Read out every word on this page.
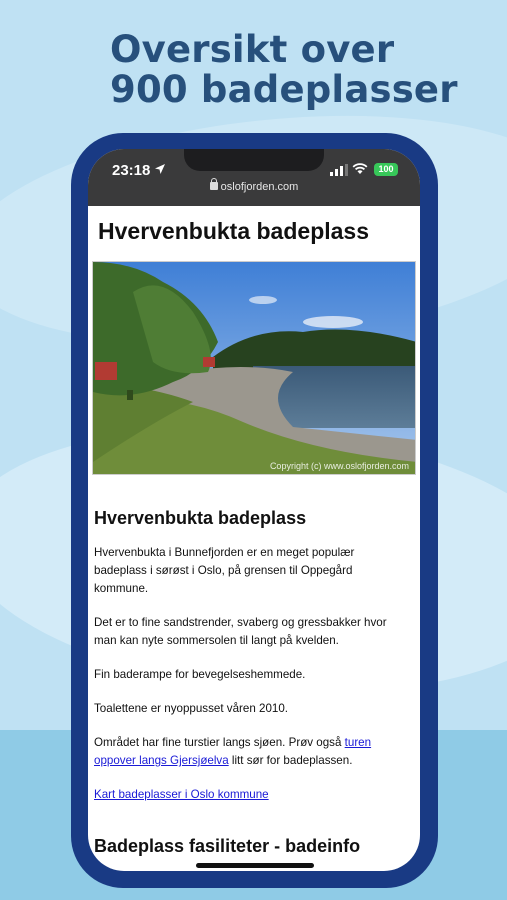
Oversikt over
900 badeplasser
23:18	100
oslofjorden.com
Hvervenbukta badeplass
Copyright (c) www.oslofjorden.com
Hvervenbukta badeplass

Hvervenbukta i Bunnefjorden er en meget populær badeplass i sørøst i Oslo, på grensen til Oppegård kommune.

Det er to fine sandstrender, svaberg og gressbakker hvor man kan nyte sommersolen til langt på kvelden.

Fin baderampe for bevegelseshemmede.

Toalettene er nyoppusset våren 2010.

Området har fine turstier langs sjøen. Prøv også turen oppover langs Gjersjøelva litt sør for badeplassen.

Kart badeplasser i Oslo kommune

Badeplass fasiliteter - badeinfo
